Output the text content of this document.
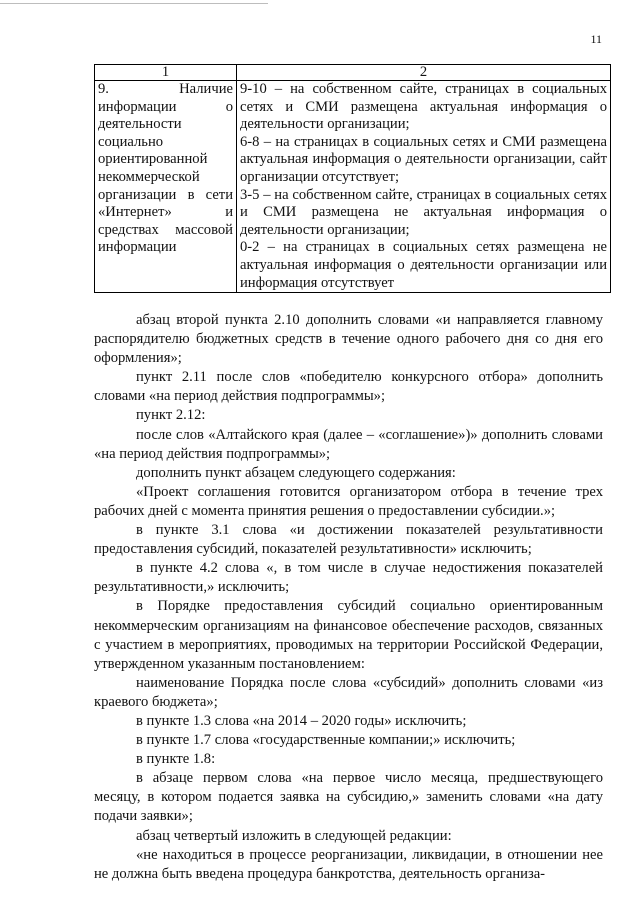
11
1	2
9. Наличие информации о деятельности социально ориентированной некоммерческой организации в сети «Интернет» и средствах массовой информации	9-10 – на собственном сайте, страницах в социальных сетях и СМИ размещена актуальная информация о деятельности организации;
6-8 – на страницах в социальных сетях и СМИ размещена актуальная информация о деятельности организации, сайт организации отсутствует;
3-5 – на собственном сайте, страницах в социальных сетях и СМИ размещена не актуальная информация о деятельности организации;
0-2 – на страницах в социальных сетях размещена не актуальная информация о деятельности организации или информация отсутствует

абзац второй пункта 2.10 дополнить словами «и направляется главному распорядителю бюджетных средств в течение одного рабочего дня со дня его оформления»;

пункт 2.11 после слов «победителю конкурсного отбора» дополнить словами «на период действия подпрограммы»;

пункт 2.12:

после слов «Алтайского края (далее – «соглашение»)» дополнить словами «на период действия подпрограммы»;

дополнить пункт абзацем следующего содержания:

«Проект соглашения готовится организатором отбора в течение трех рабочих дней с момента принятия решения о предоставлении субсидии.»;

в пункте 3.1 слова «и достижении показателей результативности предоставления субсидий, показателей результативности» исключить;

в пункте 4.2 слова «, в том числе в случае недостижения показателей результативности,» исключить;

в Порядке предоставления субсидий социально ориентированным некоммерческим организациям на финансовое обеспечение расходов, связанных с участием в мероприятиях, проводимых на территории Российской Федерации, утвержденном указанным постановлением:

наименование Порядка после слова «субсидий» дополнить словами «из краевого бюджета»;

в пункте 1.3 слова «на 2014 – 2020 годы» исключить;

в пункте 1.7 слова «государственные компании;» исключить;

в пункте 1.8:

в абзаце первом слова «на первое число месяца, предшествующего месяцу, в котором подается заявка на субсидию,» заменить словами «на дату подачи заявки»;

абзац четвертый изложить в следующей редакции:

«не находиться в процессе реорганизации, ликвидации, в отношении нее не должна быть введена процедура банкротства, деятельность организа-
